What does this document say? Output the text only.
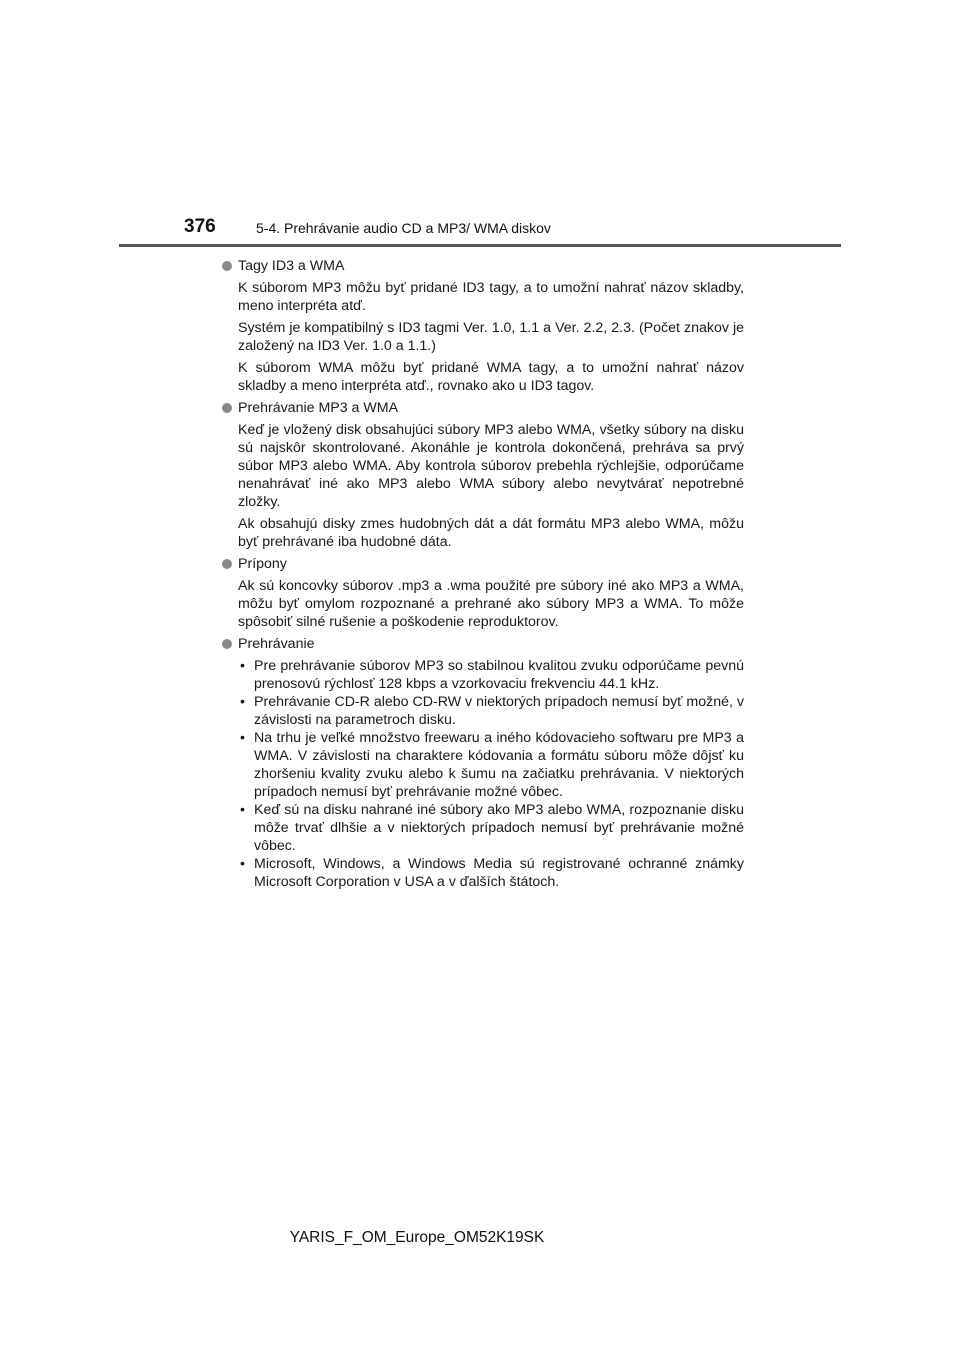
376	5-4. Prehrávanie audio CD a MP3/ WMA diskov
Tagy ID3 a WMA

K súborom MP3 môžu byť pridané ID3 tagy, a to umožní nahrať názov skladby, meno interpréta atď.

Systém je kompatibilný s ID3 tagmi Ver. 1.0, 1.1 a Ver. 2.2, 2.3. (Počet znakov je založený na ID3 Ver. 1.0 a 1.1.)

K súborom WMA môžu byť pridané WMA tagy, a to umožní nahrať názov skladby a meno interpréta atď., rovnako ako u ID3 tagov.

Prehrávanie MP3 a WMA

Keď je vložený disk obsahujúci súbory MP3 alebo WMA, všetky súbory na disku sú najskôr skontrolované. Akonáhle je kontrola dokončená, prehráva sa prvý súbor MP3 alebo WMA. Aby kontrola súborov prebehla rýchlejšie, odporúčame nenahrávať iné ako MP3 alebo WMA súbory alebo nevytvárať nepotrebné zložky.

Ak obsahujú disky zmes hudobných dát a dát formátu MP3 alebo WMA, môžu byť prehrávané iba hudobné dáta.

Prípony

Ak sú koncovky súborov .mp3 a .wma použité pre súbory iné ako MP3 a WMA, môžu byť omylom rozpoznané a prehrané ako súbory MP3 a WMA. To môže spôsobiť silné rušenie a poškodenie reproduktorov.

Prehrávanie
• Pre prehrávanie súborov MP3 so stabilnou kvalitou zvuku odporúčame pevnú prenosovú rýchlosť 128 kbps a vzorkovaciu frekvenciu 44.1 kHz.
• Prehrávanie CD-R alebo CD-RW v niektorých prípadoch nemusí byť možné, v závislosti na parametroch disku.
• Na trhu je veľké množstvo freewaru a iného kódovacieho softwaru pre MP3 a WMA. V závislosti na charaktere kódovania a formátu súboru môže dôjsť ku zhoršeniu kvality zvuku alebo k šumu na začiatku prehrávania. V niektorých prípadoch nemusí byť prehrávanie možné vôbec.
• Keď sú na disku nahrané iné súbory ako MP3 alebo WMA, rozpoznanie disku môže trvať dlhšie a v niektorých prípadoch nemusí byť prehrávanie možné vôbec.
• Microsoft, Windows, a Windows Media sú registrované ochranné známky Microsoft Corporation v USA a v ďalších štátoch.
YARIS_F_OM_Europe_OM52K19SK
